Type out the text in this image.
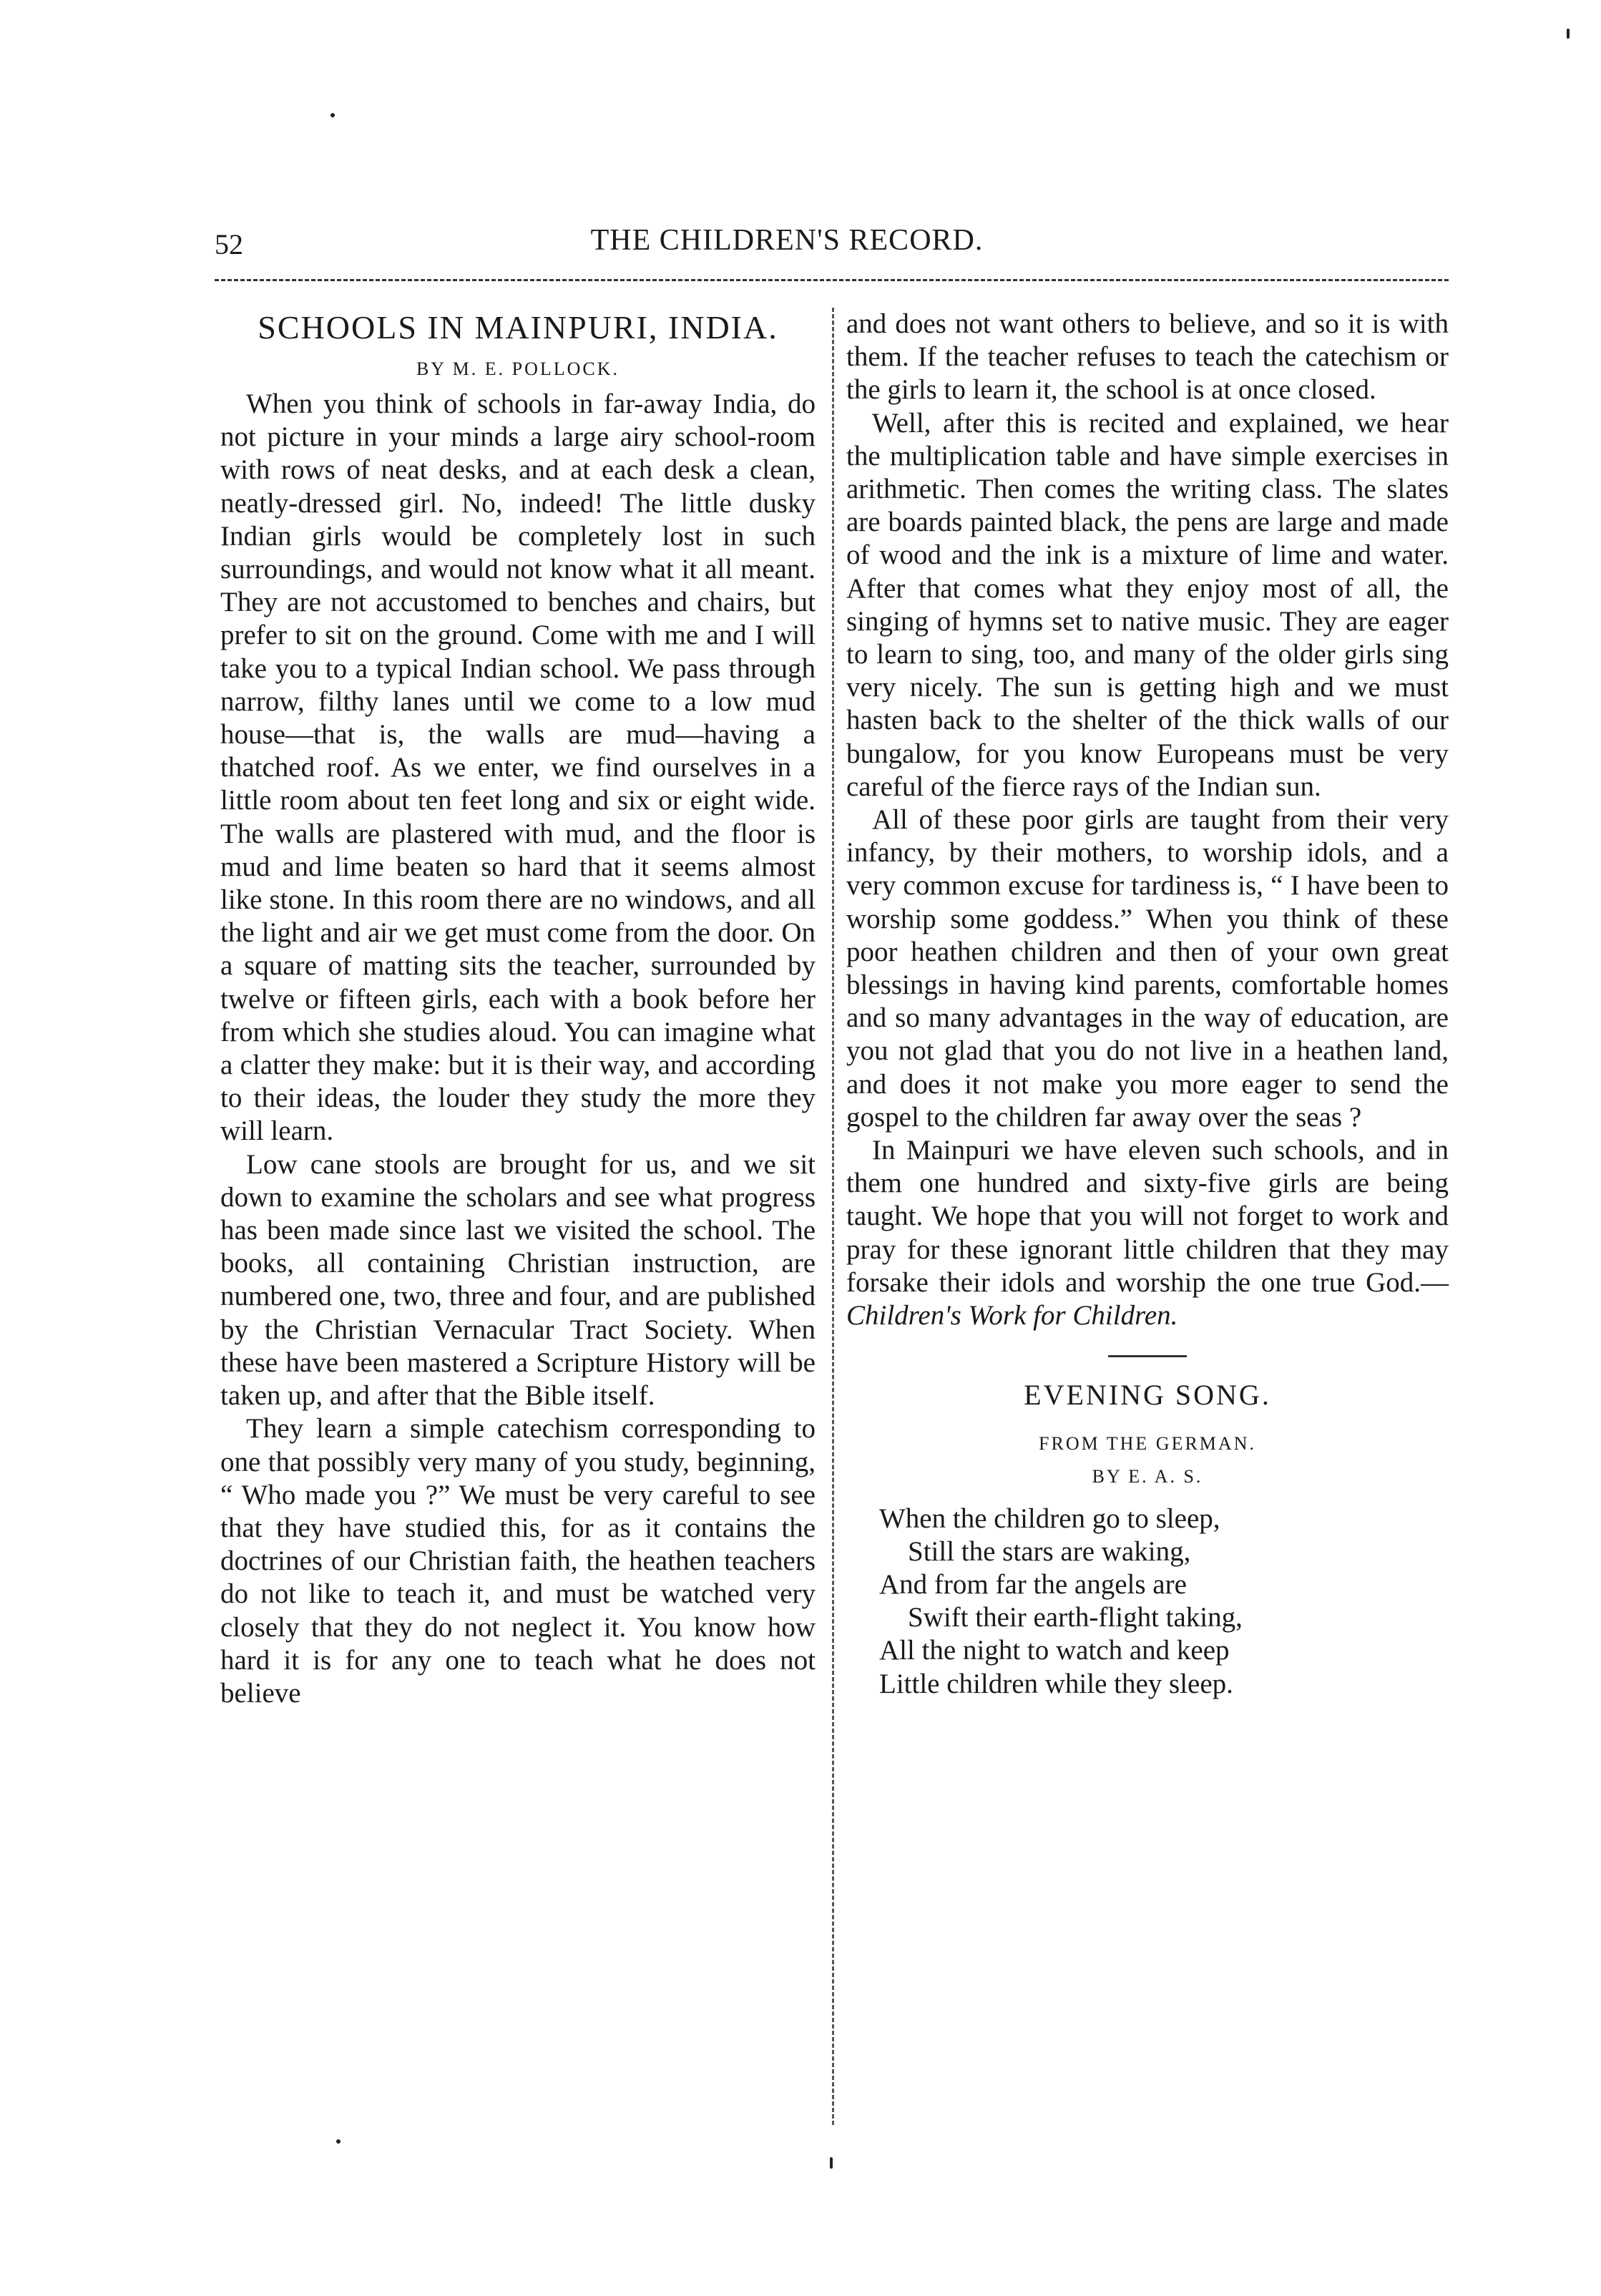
52	THE CHILDREN'S RECORD.
SCHOOLS IN MAINPURI, INDIA.
BY M. E. POLLOCK.

When you think of schools in far-away India, do not picture in your minds a large airy school-room with rows of neat desks, and at each desk a clean, neatly-dressed girl. No, indeed! The little dusky Indian girls would be completely lost in such surroundings, and would not know what it all meant. They are not accustomed to benches and chairs, but prefer to sit on the ground. Come with me and I will take you to a typical Indian school. We pass through narrow, filthy lanes until we come to a low mud house—that is, the walls are mud—having a thatched roof. As we enter, we find ourselves in a little room about ten feet long and six or eight wide. The walls are plastered with mud, and the floor is mud and lime beaten so hard that it seems almost like stone. In this room there are no windows, and all the light and air we get must come from the door. On a square of matting sits the teacher, surrounded by twelve or fifteen girls, each with a book before her from which she studies aloud. You can imagine what a clatter they make: but it is their way, and according to their ideas, the louder they study the more they will learn.

Low cane stools are brought for us, and we sit down to examine the scholars and see what progress has been made since last we visited the school. The books, all containing Christian instruction, are numbered one, two, three and four, and are published by the Christian Vernacular Tract Society. When these have been mastered a Scripture History will be taken up, and after that the Bible itself.

They learn a simple catechism corresponding to one that possibly very many of you study, beginning, “ Who made you ?” We must be very careful to see that they have studied this, for as it contains the doctrines of our Christian faith, the heathen teachers do not like to teach it, and must be watched very closely that they do not neglect it. You know how hard it is for any one to teach what he does not believe

and does not want others to believe, and so it is with them. If the teacher refuses to teach the catechism or the girls to learn it, the school is at once closed.

Well, after this is recited and explained, we hear the multiplication table and have simple exercises in arithmetic. Then comes the writing class. The slates are boards painted black, the pens are large and made of wood and the ink is a mixture of lime and water. After that comes what they enjoy most of all, the singing of hymns set to native music. They are eager to learn to sing, too, and many of the older girls sing very nicely. The sun is getting high and we must hasten back to the shelter of the thick walls of our bungalow, for you know Europeans must be very careful of the fierce rays of the Indian sun.

All of these poor girls are taught from their very infancy, by their mothers, to worship idols, and a very common excuse for tardiness is, “ I have been to worship some goddess.” When you think of these poor heathen children and then of your own great blessings in having kind parents, comfortable homes and so many advantages in the way of education, are you not glad that you do not live in a heathen land, and does it not make you more eager to send the gospel to the children far away over the seas ?

In Mainpuri we have eleven such schools, and in them one hundred and sixty-five girls are being taught. We hope that you will not forget to work and pray for these ignorant little children that they may forsake their idols and worship the one true God.—Children's Work for Children.

EVENING SONG.
FROM THE GERMAN.
BY E. A. S.
When the children go to sleep,
Still the stars are waking,
And from far the angels are
Swift their earth-flight taking,
All the night to watch and keep
Little children while they sleep.
